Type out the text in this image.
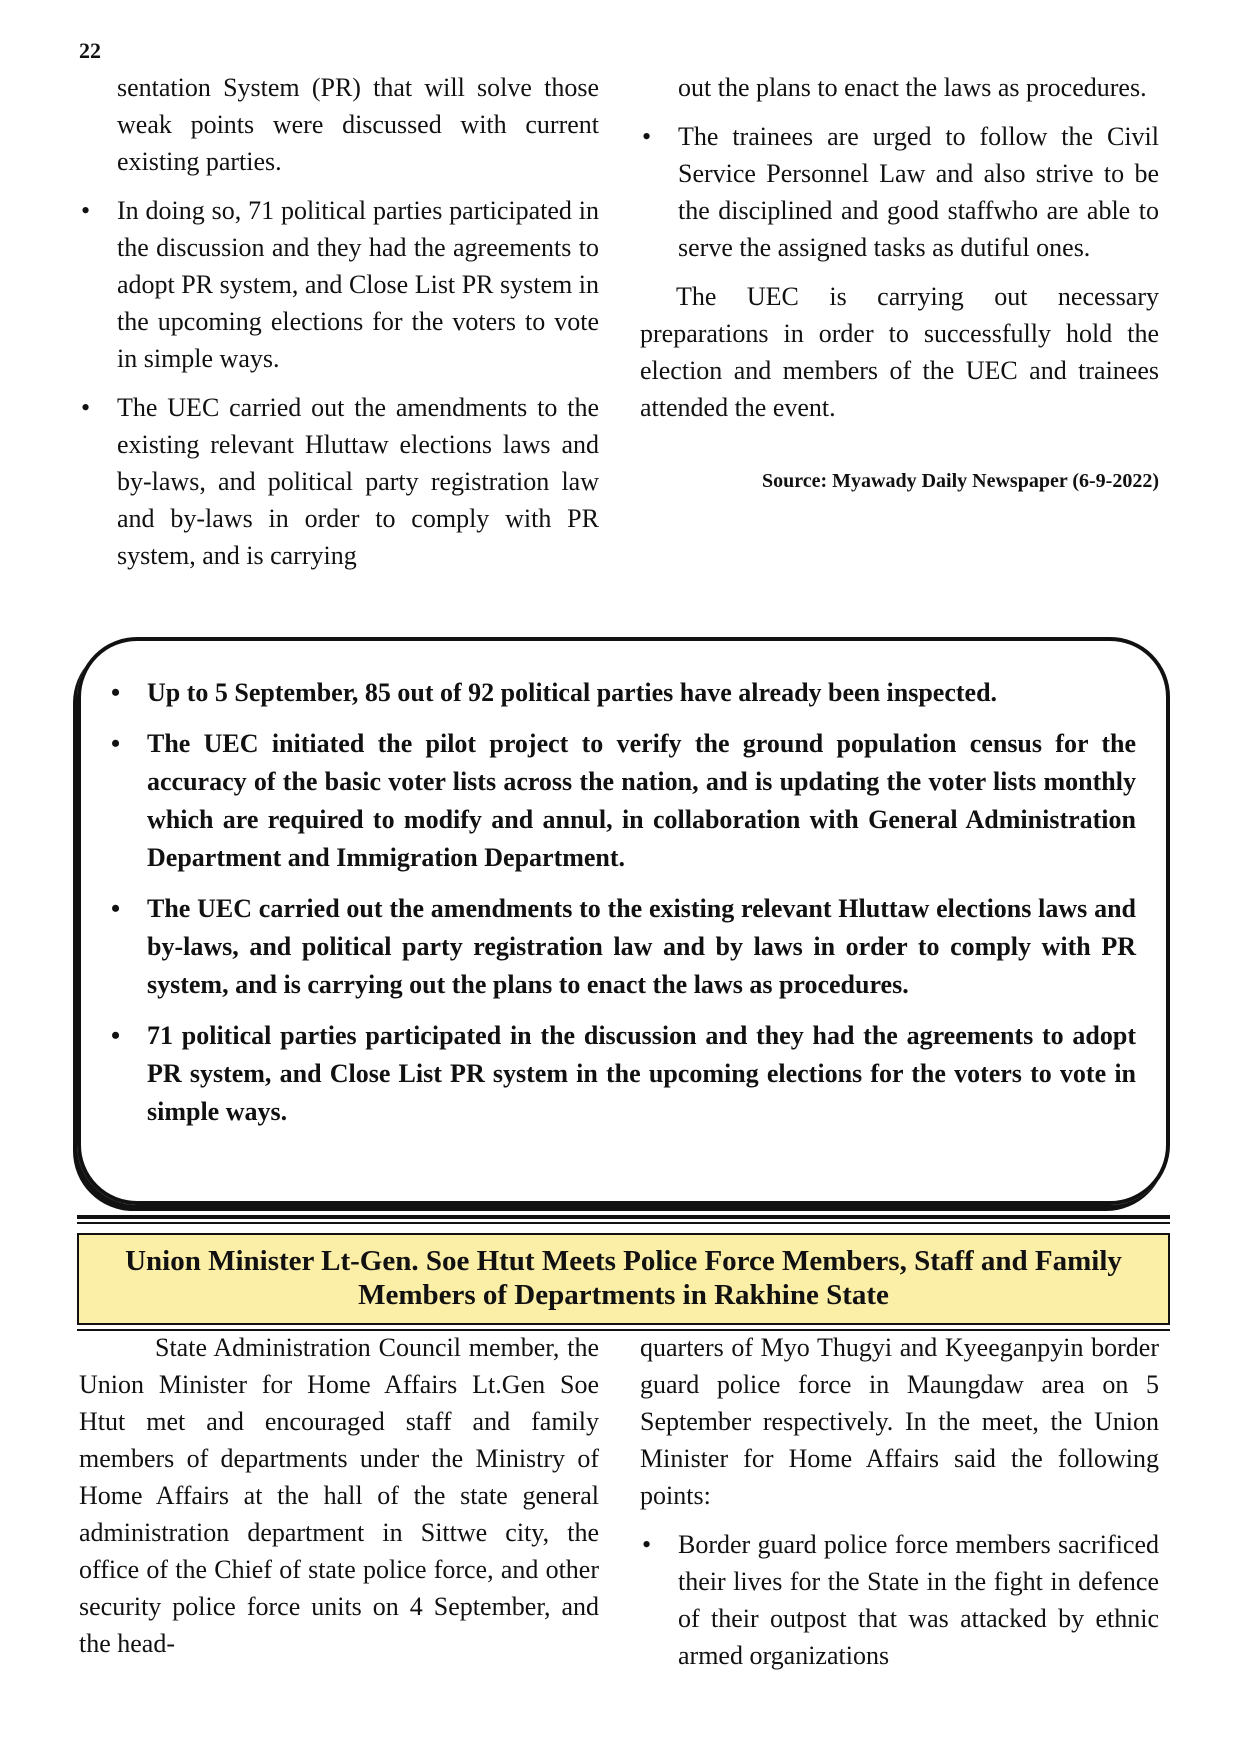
22

sentation System (PR) that will solve those weak points were discussed with current existing parties.

• In doing so, 71 political parties participated in the discussion and they had the agreements to adopt PR system, and Close List PR system in the upcoming elections for the voters to vote in simple ways.
• The UEC carried out the amendments to the existing relevant Hluttaw elections laws and by-laws, and political party registration law and by-laws in order to comply with PR system, and is carrying

out the plans to enact the laws as procedures.

• The trainees are urged to follow the Civil Service Personnel Law and also strive to be the disciplined and good staffwho are able to serve the assigned tasks as dutiful ones.

The UEC is carrying out necessary preparations in order to successfully hold the election and members of the UEC and trainees attended the event.

Source: Myawady Daily Newspaper (6-9-2022)

• Up to 5 September, 85 out of 92 political parties have already been inspected.
• The UEC initiated the pilot project to verify the ground population census for the accuracy of the basic voter lists across the nation, and is updating the voter lists monthly which are required to modify and annul, in collaboration with General Administration Department and Immigration Department.
• The UEC carried out the amendments to the existing relevant Hluttaw elections laws and by-laws, and political party registration law and by laws in order to comply with PR system, and is carrying out the plans to enact the laws as procedures.
• 71 political parties participated in the discussion and they had the agreements to adopt PR system, and Close List PR system in the upcoming elections for the voters to vote in simple ways.
Union Minister Lt-Gen. Soe Htut Meets Police Force Members, Staff and Family
Members of Departments in Rakhine State

State Administration Council member, the Union Minister for Home Affairs Lt.Gen Soe Htut met and encouraged staff and family members of departments under the Ministry of Home Affairs at the hall of the state general administration department in Sittwe city, the office of the Chief of state police force, and other security police force units on 4 September, and the head-

quarters of Myo Thugyi and Kyeeganpyin border guard police force in Maungdaw area on 5 September respectively. In the meet, the Union Minister for Home Affairs said the following points:

• Border guard police force members sacrificed their lives for the State in the fight in defence of their outpost that was attacked by ethnic armed organizations
